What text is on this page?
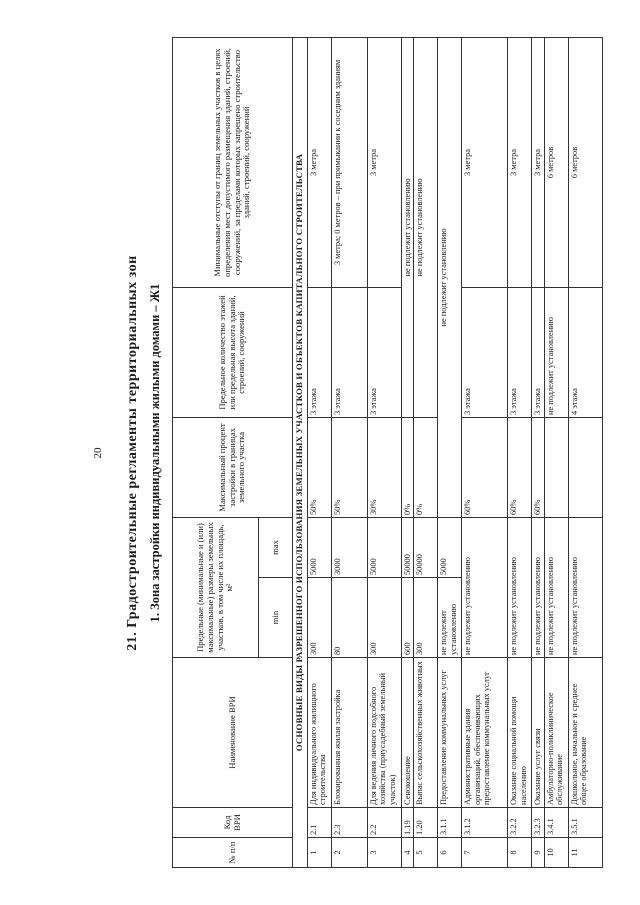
20 21. Градостроительные регламенты территориальных зон 1. Зона застройки индивидуальными жилыми домами – Ж1
№ п/п	Код ВРИ	Наименование ВРИ	Предельные (минимальные и (или) максимальные) размеры земельных участков, в том числе их площадь, м²		Максимальный процент застройки в границах земельного участка	Предельное количество этажей или предельная высота зданий, строений, сооружений	Минимальные отступы от границ земельных участков в целях определения мест допустимого размещения зданий, строений, сооружений, за пределами которых запрещено строительство зданий, строений, сооружений
			min	max			
ОСНОВНЫЕ ВИДЫ РАЗРЕШЕННОГО ИСПОЛЬЗОВАНИЯ ЗЕМЕЛЬНЫХ УЧАСТКОВ И ОБЪЕКТОВ КАПИТАЛЬНОГО СТРОИТЕЛЬСТВА							
1	2.1	Для индивидуального жилищного строительства	300	5000	50%	3 этажа	3 метра
2	2.3	Блокированная жилая застройка	80	3000	50%	3 этажа	3 метра; 0 метров – при примыкании к соседним зданиям
3	2.2	Для ведения личного подсобного хозяйства (приусадебный земельный участок)	300	5000	30%	3 этажа	3 метра
4	1.19	Сенокошение	600	50000	0%	не подлежит установлению	
5	1.20	Выпас сельскохозяйственных животных	300	50000	0%	не подлежит установлению	
6	3.1.1	Предоставление коммунальных услуг	не подлежит установлению	5000	не подлежит установлению		
7	3.1.2	Административные здания организаций, обеспечивающих предоставление коммунальных услуг	не подлежит установлению		60%	3 этажа	3 метра
8	3.2.2	Оказание социальной помощи населению	не подлежит установлению		60%	3 этажа	3 метра
9	3.2.3	Оказание услуг связи	не подлежит установлению		60%	3 этажа	3 метра
10	3.4.1	Амбулаторно-поликлиническое обслуживание	не подлежит установлению			не подлежит установлению	6 метров
11	3.5.1	Дошкольное, начальное и среднее общее образование	не подлежит установлению			4 этажа	6 метров
